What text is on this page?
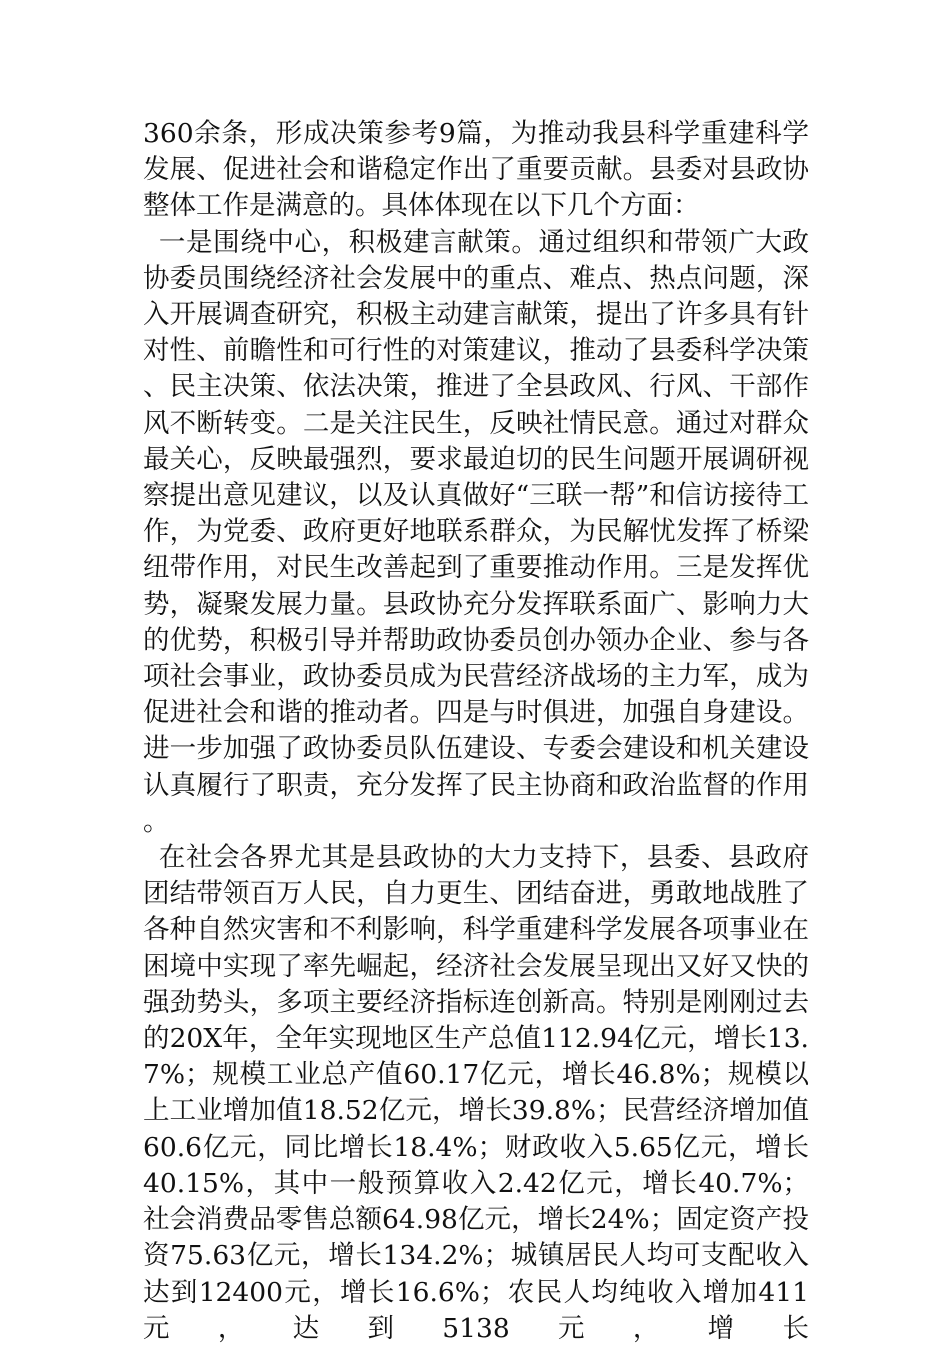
360余条，形成决策参考9篇，为推动我县科学重建科学发展、促进社会和谐稳定作出了重要贡献。县委对县政协整体工作是满意的。具体体现在以下几个方面：

一是围绕中心，积极建言献策。通过组织和带领广大政协委员围绕经济社会发展中的重点、难点、热点问题，深入开展调查研究，积极主动建言献策，提出了许多具有针对性、前瞻性和可行性的对策建议，推动了县委科学决策、民主决策、依法决策，推进了全县政风、行风、干部作风不断转变。二是关注民生，反映社情民意。通过对群众最关心，反映最强烈，要求最迫切的民生问题开展调研视察提出意见建议，以及认真做好“三联一帮”和信访接待工作，为党委、政府更好地联系群众，为民解忧发挥了桥梁纽带作用，对民生改善起到了重要推动作用。三是发挥优势，凝聚发展力量。县政协充分发挥联系面广、影响力大的优势，积极引导并帮助政协委员创办领办企业、参与各项社会事业，政协委员成为民营经济战场的主力军，成为促进社会和谐的推动者。四是与时俱进，加强自身建设。进一步加强了政协委员队伍建设、专委会建设和机关建设认真履行了职责，充分发挥了民主协商和政治监督的作用。

在社会各界尤其是县政协的大力支持下，县委、县政府团结带领百万人民，自力更生、团结奋进，勇敢地战胜了各种自然灾害和不利影响，科学重建科学发展各项事业在困境中实现了率先崛起，经济社会发展呈现出又好又快的强劲势头，多项主要经济指标连创新高。特别是刚刚过去的20X年，全年实现地区生产总值112.94亿元，增长13.7%；规模工业总产值60.17亿元，增长46.8%；规模以上工业增加值18.52亿元，增长39.8%；民营经济增加值60.6亿元，同比增长18.4%；财政收入5.65亿元，增长40.15%，其中一般预算收入2.42亿元，增长40.7%；社会消费品零售总额64.98亿元，增长24%；固定资产投资75.63亿元，增长134.2%；城镇居民人均可支配收入达到12400元，增长16.6%；农民人均纯收入增加411元，达到5138元，增长
